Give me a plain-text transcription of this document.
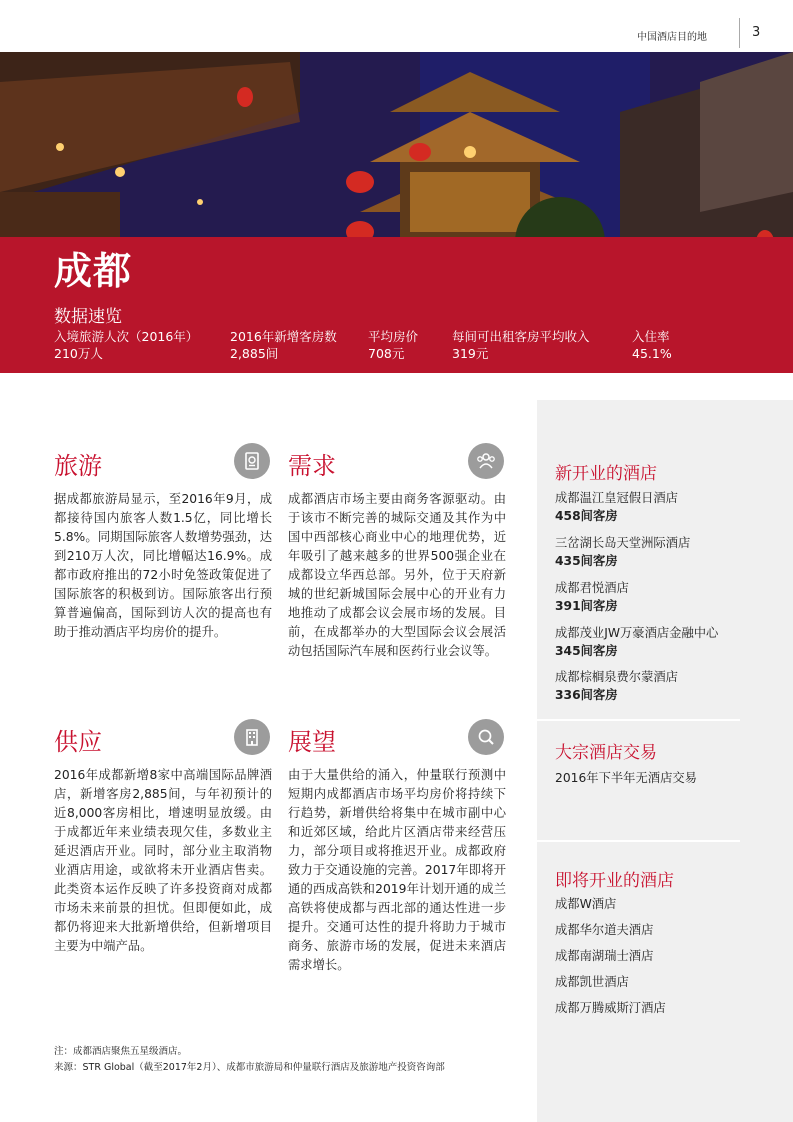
中国酒店目的地	3
成都
数据速览
入境旅游人次（2016年）
210万人
2016年新增客房数
2,885间
平均房价
708元
每间可出租客房平均收入
319元
入住率
45.1%
旅游
据成都旅游局显示，至2016年9月，成都接待国内旅客人数1.5亿，同比增长5.8%。同期国际旅客人数增势强劲，达到210万人次，同比增幅达16.9%。成都市政府推出的72小时免签政策促进了国际旅客的积极到访。国际旅客出行预算普遍偏高，国际到访人次的提高也有助于推动酒店平均房价的提升。
需求
成都酒店市场主要由商务客源驱动。由于该市不断完善的城际交通及其作为中国中西部核心商业中心的地理优势，近年吸引了越来越多的世界500强企业在成都设立华西总部。另外，位于天府新城的世纪新城国际会展中心的开业有力地推动了成都会议会展市场的发展。目前，在成都举办的大型国际会议会展活动包括国际汽车展和医药行业会议等。
供应
2016年成都新增8家中高端国际品牌酒店，新增客房2,885间，与年初预计的近8,000客房相比，增速明显放缓。由于成都近年来业绩表现欠佳，多数业主延迟酒店开业。同时，部分业主取消物业酒店用途，或欲将未开业酒店售卖。此类资本运作反映了许多投资商对成都市场未来前景的担忧。但即便如此，成都仍将迎来大批新增供给，但新增项目主要为中端产品。
展望
由于大量供给的涌入，仲量联行预测中短期内成都酒店市场平均房价将持续下行趋势，新增供给将集中在城市副中心和近郊区域，给此片区酒店带来经营压力，部分项目或将推迟开业。成都政府致力于交通设施的完善。2017年即将开通的西成高铁和2019年计划开通的成兰高铁将使成都与西北部的通达性进一步提升。交通可达性的提升将助力于城市商务、旅游市场的发展，促进未来酒店需求增长。
新开业的酒店
成都温江皇冠假日酒店
458间客房
三岔湖长岛天堂洲际酒店
435间客房
成都君悦酒店
391间客房
成都茂业JW万豪酒店金融中心
345间客房
成都棕榈泉费尔蒙酒店
336间客房
大宗酒店交易
2016年下半年无酒店交易
即将开业的酒店
成都W酒店
成都华尔道夫酒店
成都南湖瑞士酒店
成都凯世酒店
成都万腾威斯汀酒店
注：成都酒店聚焦五星级酒店。
来源：STR Global（截至2017年2月）、成都市旅游局和仲量联行酒店及旅游地产投资咨询部
